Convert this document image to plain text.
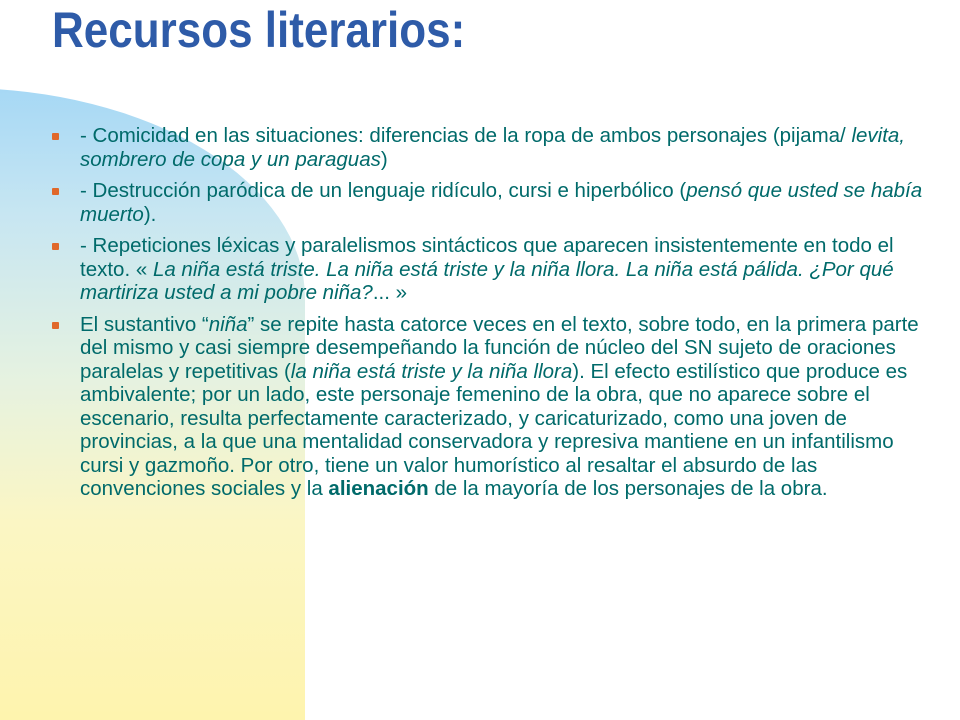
Recursos literarios:
- Comicidad en las situaciones: diferencias de la ropa de ambos personajes (pijama/ levita, sombrero de copa y un paraguas)
- Destrucción paródica de un lenguaje ridículo, cursi e hiperbólico (pensó que usted se había muerto).
- Repeticiones léxicas y paralelismos sintácticos que aparecen insistentemente en todo el texto. « La niña está triste. La niña está triste y la niña llora. La niña está pálida. ¿Por qué martiriza usted a mi pobre niña?... »
El sustantivo “niña” se repite hasta catorce veces en el texto, sobre todo, en la primera parte del mismo y casi siempre desempeñando la función de núcleo del SN sujeto de oraciones paralelas y repetitivas (la niña está triste y la niña llora). El efecto estilístico que produce es ambivalente; por un lado, este personaje femenino de la obra, que no aparece sobre el escenario, resulta perfectamente caracterizado, y caricaturizado, como una joven de provincias, a la que una mentalidad conservadora y represiva mantiene en un infantilismo cursi y gazmoño. Por otro, tiene un valor humorístico al resaltar el absurdo de las convenciones sociales y la alienación de la mayoría de los personajes de la obra.
